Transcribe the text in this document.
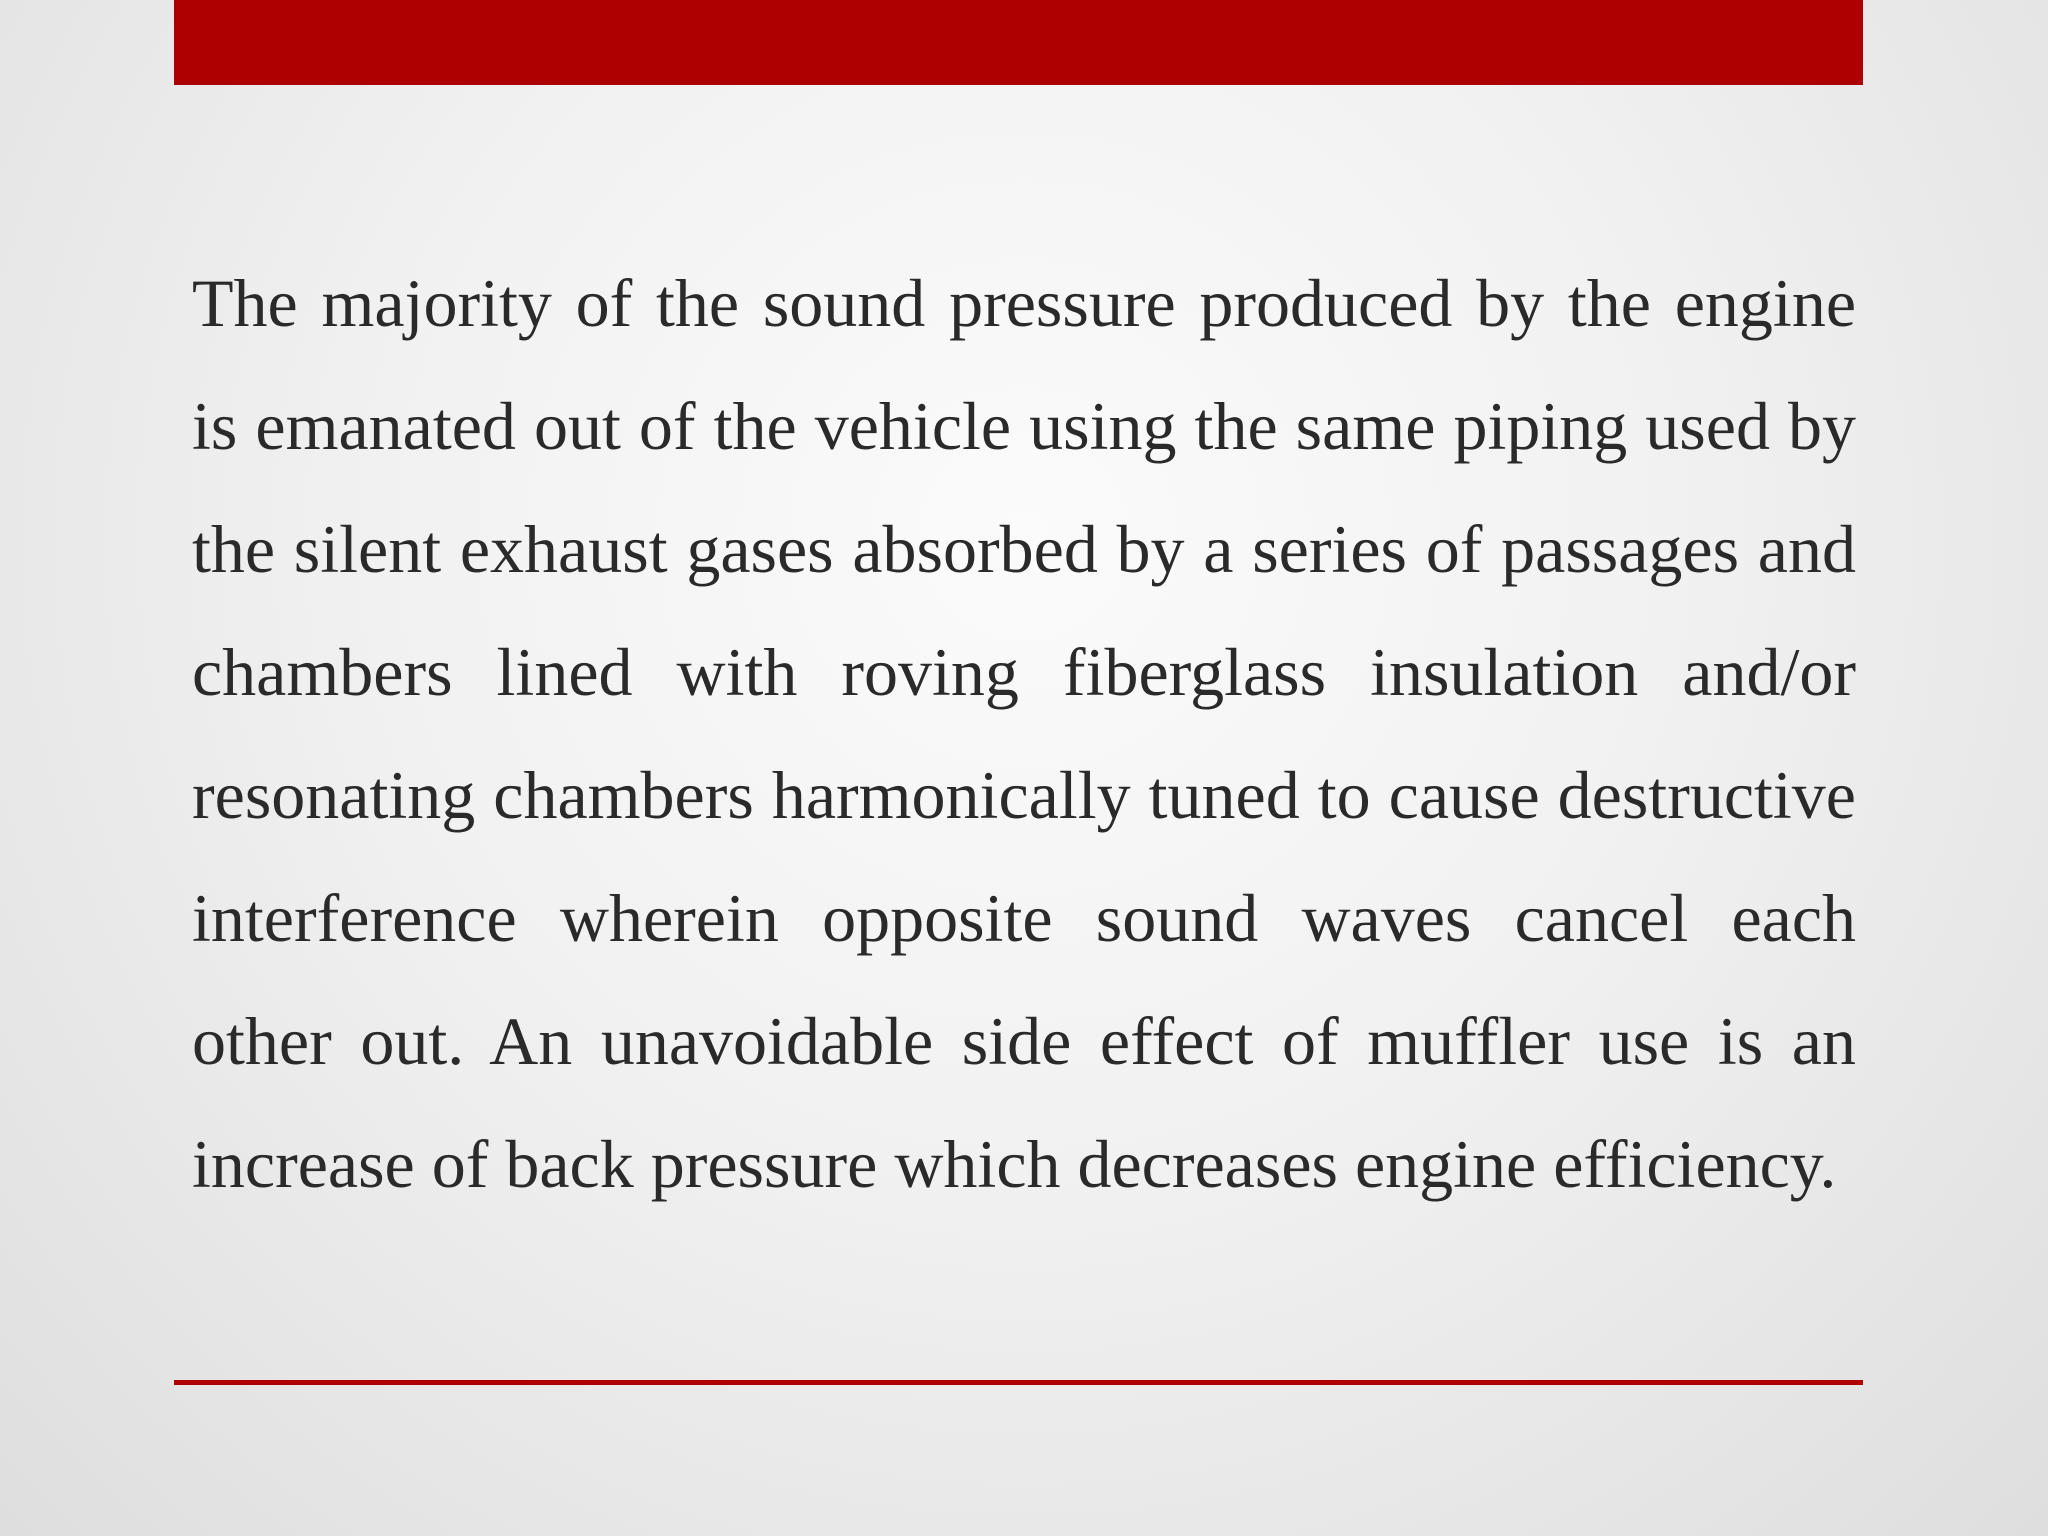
The majority of the sound pressure produced by the engine
is emanated out of the vehicle using the same piping used by
the silent exhaust gases absorbed by a series of passages and
chambers lined with roving fiberglass insulation and/or
resonating chambers harmonically tuned to cause destructive
interference wherein opposite sound waves cancel each
other out. An unavoidable side effect of muffler use is an
increase of back pressure which decreases engine efficiency.
